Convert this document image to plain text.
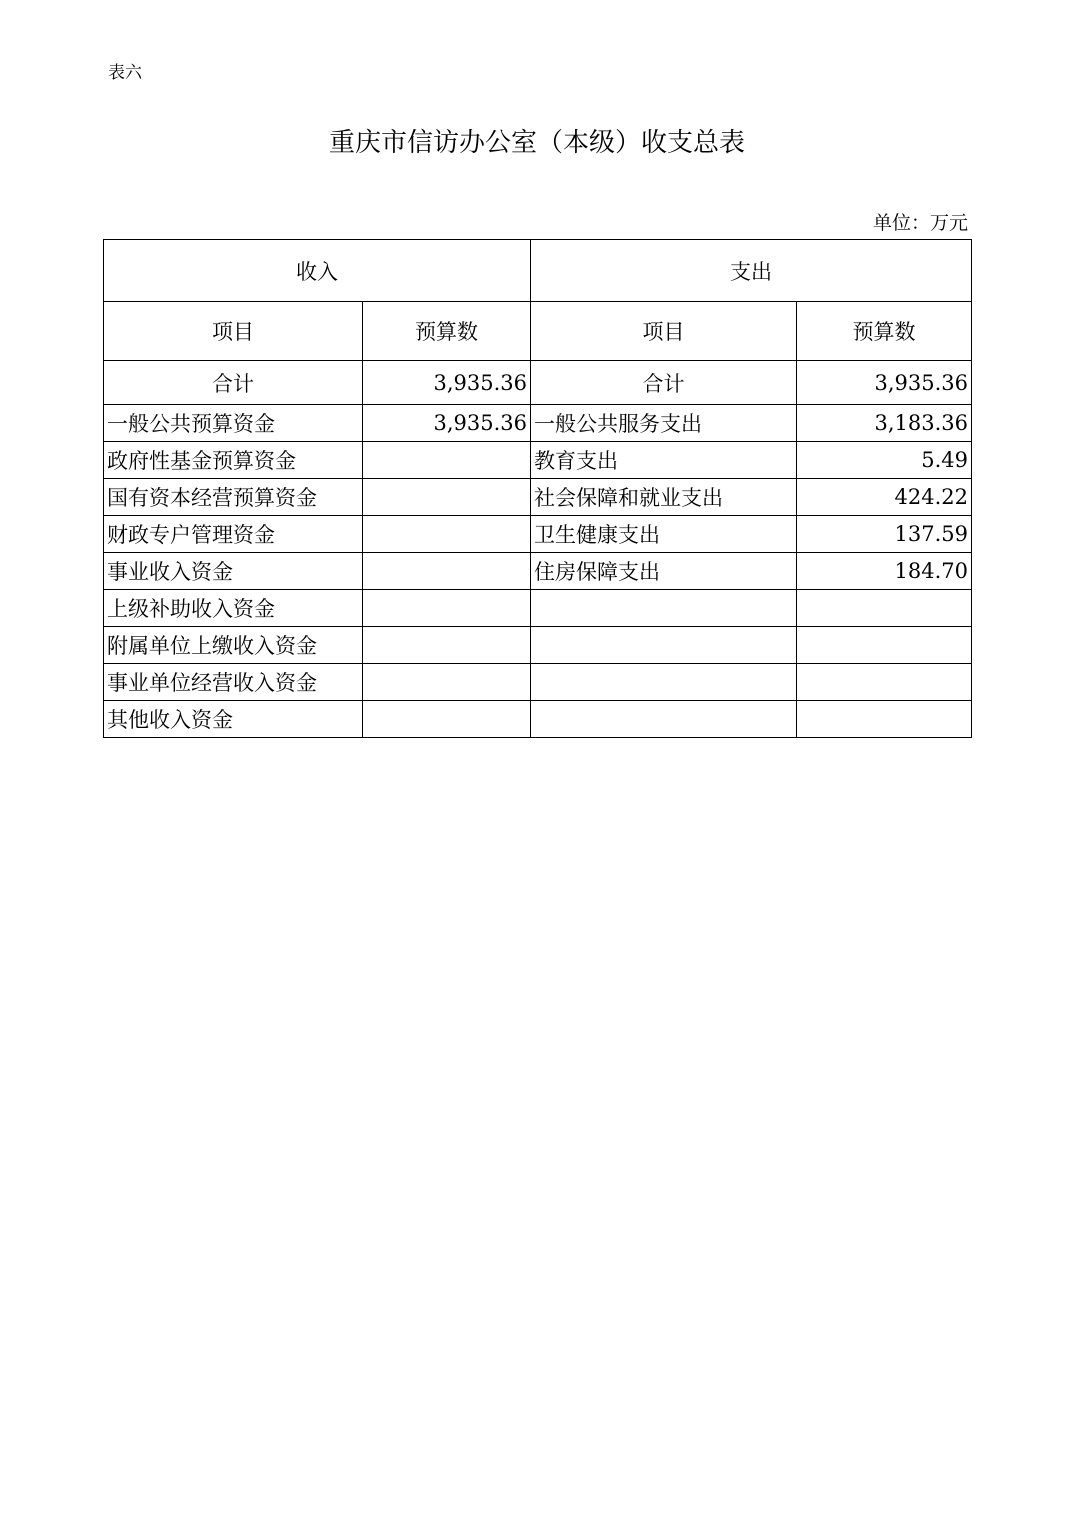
表六
重庆市信访办公室（本级）收支总表
单位：万元
收入		支出	
项目	预算数	项目	预算数
合计	3,935.36	合计	3,935.36
一般公共预算资金	3,935.36	一般公共服务支出	3,183.36
政府性基金预算资金		教育支出	5.49
国有资本经营预算资金		社会保障和就业支出	424.22
财政专户管理资金		卫生健康支出	137.59
事业收入资金		住房保障支出	184.70
上级补助收入资金			
附属单位上缴收入资金			
事业单位经营收入资金			
其他收入资金			
